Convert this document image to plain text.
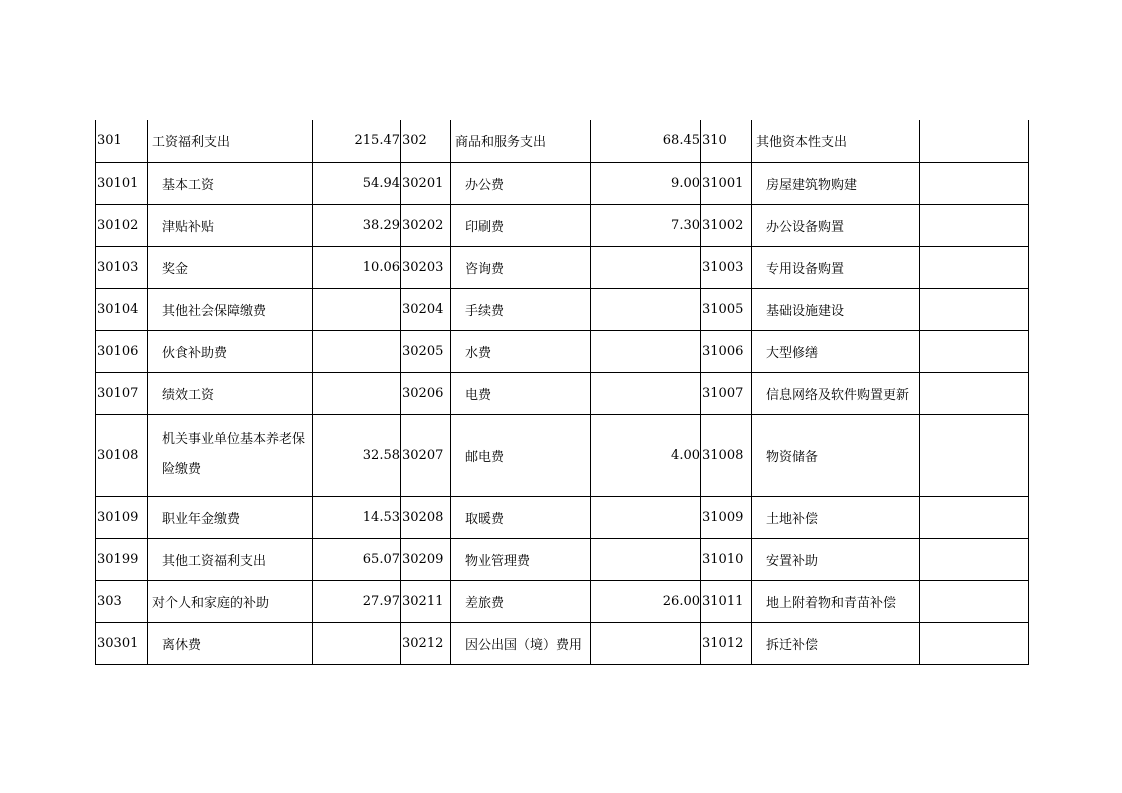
301	工资福利支出	215.47	302	商品和服务支出	68.45	310	其他资本性支出	
30101	基本工资	54.94	30201	办公费	9.00	31001	房屋建筑物购建	
30102	津贴补贴	38.29	30202	印刷费	7.30	31002	办公设备购置	
30103	奖金	10.06	30203	咨询费		31003	专用设备购置	
30104	其他社会保障缴费		30204	手续费		31005	基础设施建设	
30106	伙食补助费		30205	水费		31006	大型修缮	
30107	绩效工资		30206	电费		31007	信息网络及软件购置更新	
30108	机关事业单位基本养老保险缴费	32.58	30207	邮电费	4.00	31008	物资储备	
30109	职业年金缴费	14.53	30208	取暖费		31009	土地补偿	
30199	其他工资福利支出	65.07	30209	物业管理费		31010	安置补助	
303	对个人和家庭的补助	27.97	30211	差旅费	26.00	31011	地上附着物和青苗补偿	
30301	离休费		30212	因公出国（境）费用		31012	拆迁补偿	
